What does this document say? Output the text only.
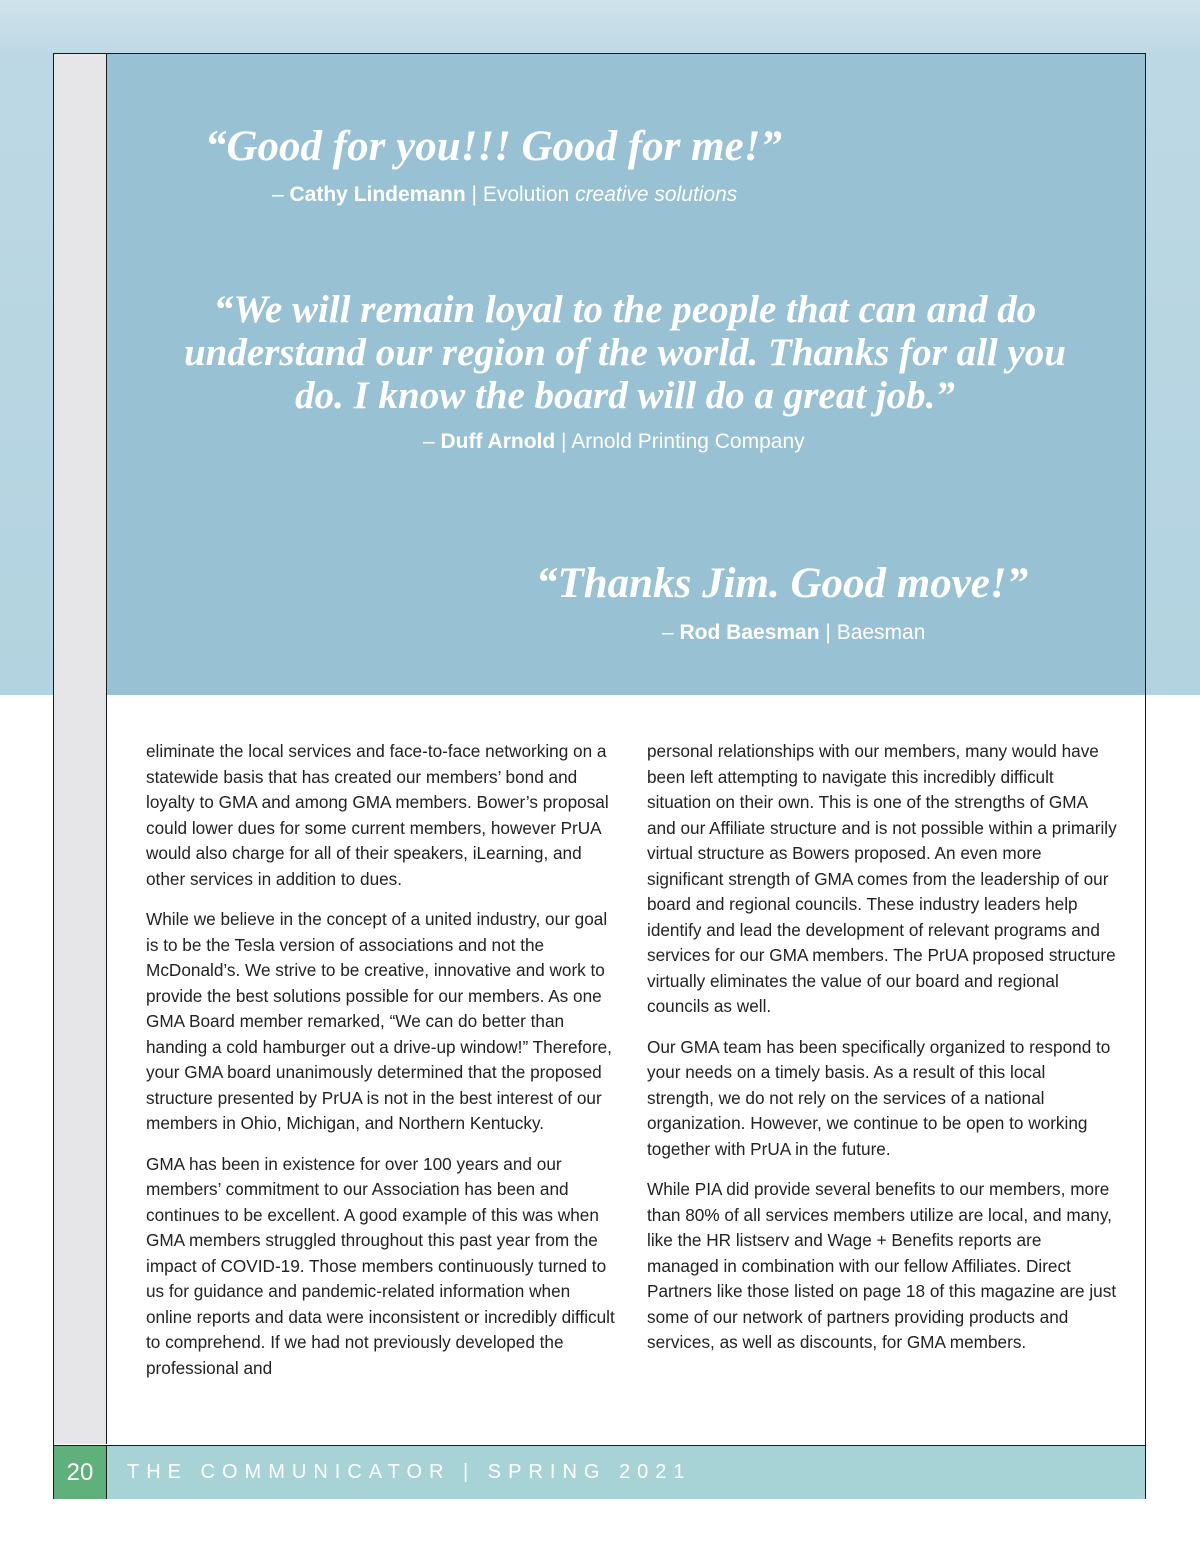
“Good for you!!! Good for me!”

– Cathy Lindemann | Evolution creative solutions

“We will remain loyal to the people that can and do understand our region of the world. Thanks for all you do. I know the board will do a great job.”

– Duff Arnold | Arnold Printing Company

“Thanks Jim. Good move!”

– Rod Baesman | Baesman

eliminate the local services and face-to-face networking on a statewide basis that has created our members’ bond and loyalty to GMA and among GMA members. Bower’s proposal could lower dues for some current members, however PrUA would also charge for all of their speakers, iLearning, and other services in addition to dues.

While we believe in the concept of a united industry, our goal is to be the Tesla version of associations and not the McDonald’s. We strive to be creative, innovative and work to provide the best solutions possible for our members. As one GMA Board member remarked, “We can do better than handing a cold hamburger out a drive-up window!” Therefore, your GMA board unanimously determined that the proposed structure presented by PrUA is not in the best interest of our members in Ohio, Michigan, and Northern Kentucky.

GMA has been in existence for over 100 years and our members’ commitment to our Association has been and continues to be excellent. A good example of this was when GMA members struggled throughout this past year from the impact of COVID-19. Those members continuously turned to us for guidance and pandemic-related information when online reports and data were inconsistent or incredibly difficult to comprehend. If we had not previously developed the professional and

personal relationships with our members, many would have been left attempting to navigate this incredibly difficult situation on their own. This is one of the strengths of GMA and our Affiliate structure and is not possible within a primarily virtual structure as Bowers proposed. An even more significant strength of GMA comes from the leadership of our board and regional councils. These industry leaders help identify and lead the development of relevant programs and services for our GMA members. The PrUA proposed structure virtually eliminates the value of our board and regional councils as well.

Our GMA team has been specifically organized to respond to your needs on a timely basis. As a result of this local strength, we do not rely on the services of a national organization. However, we continue to be open to working together with PrUA in the future.

While PIA did provide several benefits to our members, more than 80% of all services members utilize are local, and many, like the HR listserv and Wage + Benefits reports are managed in combination with our fellow Affiliates. Direct Partners like those listed on page 18 of this magazine are just some of our network of partners providing products and services, as well as discounts, for GMA members.

20	THE COMMUNICATOR | SPRING 2021
